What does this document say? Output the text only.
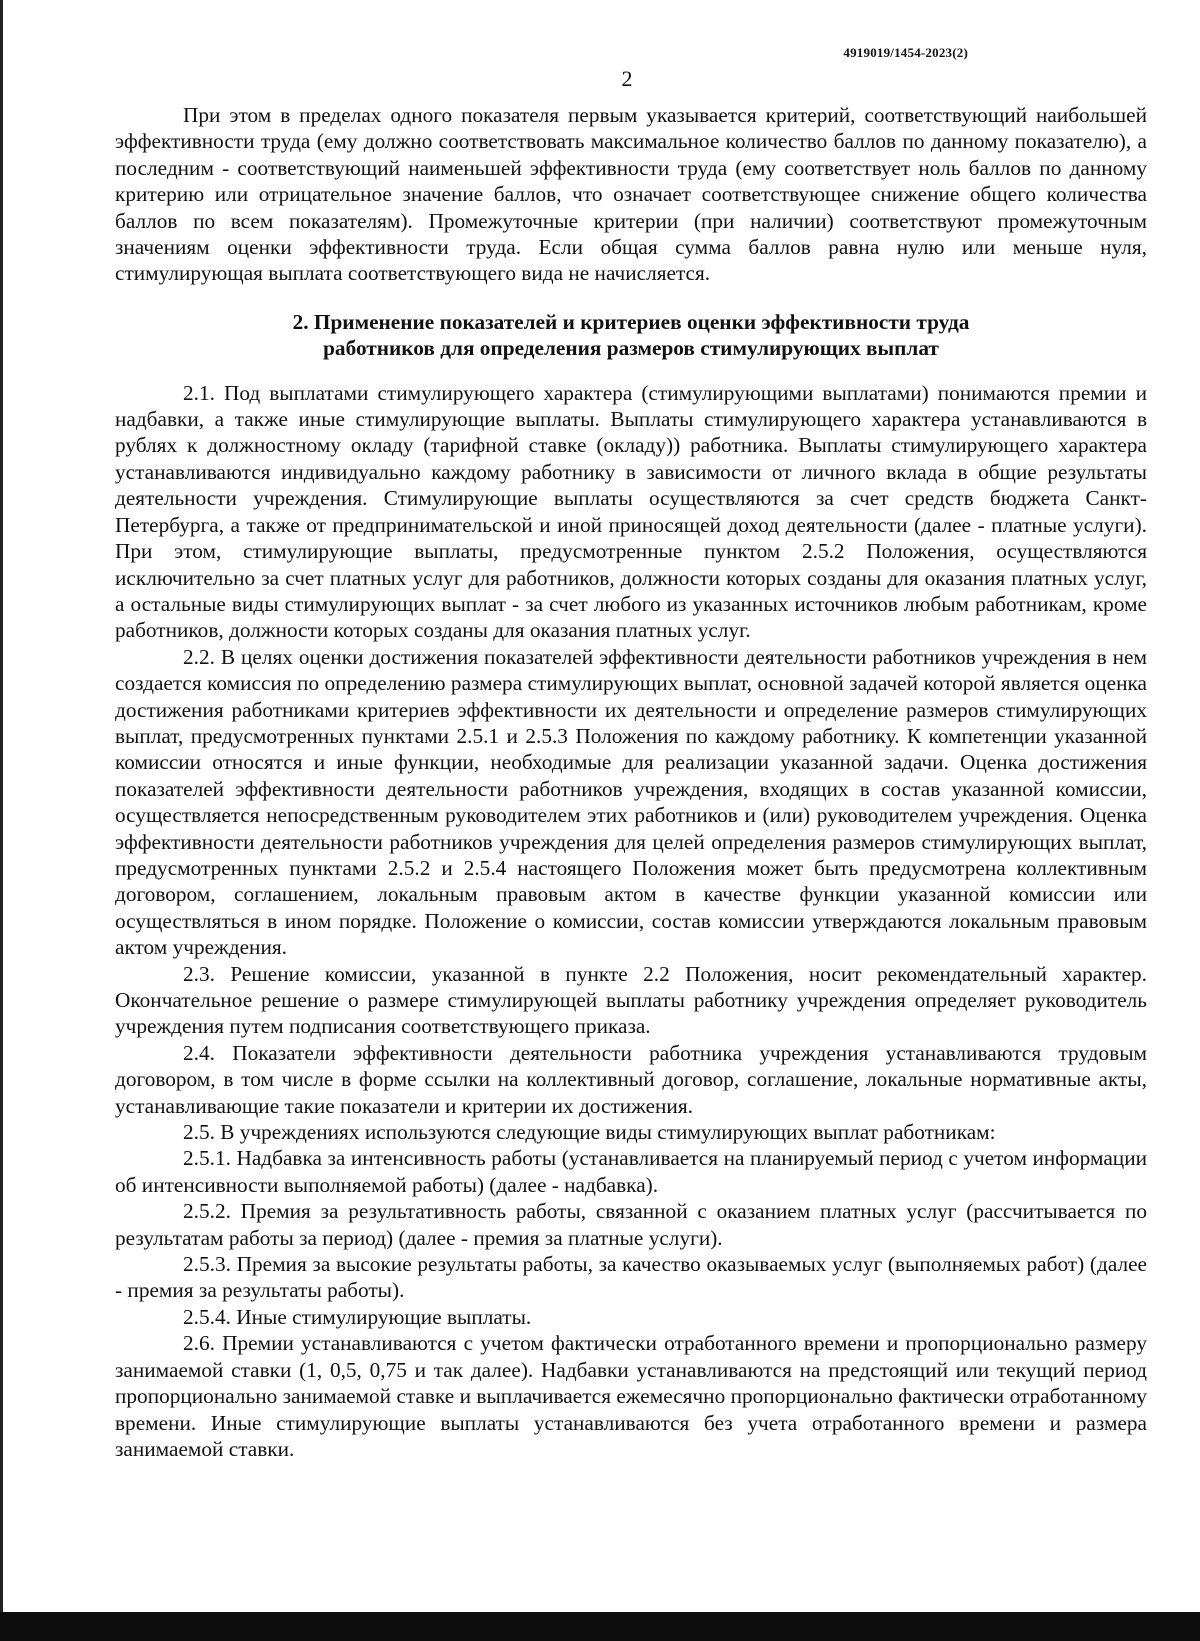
4919019/1454-2023(2)
2

При этом в пределах одного показателя первым указывается критерий, соответствующий наибольшей эффективности труда (ему должно соответствовать максимальное количество баллов по данному показателю), а последним - соответствующий наименьшей эффективности труда (ему соответствует ноль баллов по данному критерию или отрицательное значение баллов, что означает соответствующее снижение общего количества баллов по всем показателям). Промежуточные критерии (при наличии) соответствуют промежуточным значениям оценки эффективности труда. Если общая сумма баллов равна нулю или меньше нуля, стимулирующая выплата соответствующего вида не начисляется.

2. Применение показателей и критериев оценки эффективности труда
работников для определения размеров стимулирующих выплат

2.1. Под выплатами стимулирующего характера (стимулирующими выплатами) понимаются премии и надбавки, а также иные стимулирующие выплаты. Выплаты стимулирующего характера устанавливаются в рублях к должностному окладу (тарифной ставке (окладу)) работника. Выплаты стимулирующего характера устанавливаются индивидуально каждому работнику в зависимости от личного вклада в общие результаты деятельности учреждения. Стимулирующие выплаты осуществляются за счет средств бюджета Санкт-Петербурга, а также от предпринимательской и иной приносящей доход деятельности (далее - платные услуги). При этом, стимулирующие выплаты, предусмотренные пунктом 2.5.2 Положения, осуществляются исключительно за счет платных услуг для работников, должности которых созданы для оказания платных услуг, а остальные виды стимулирующих выплат - за счет любого из указанных источников любым работникам, кроме работников, должности которых созданы для оказания платных услуг.

2.2. В целях оценки достижения показателей эффективности деятельности работников учреждения в нем создается комиссия по определению размера стимулирующих выплат, основной задачей которой является оценка достижения работниками критериев эффективности их деятельности и определение размеров стимулирующих выплат, предусмотренных пунктами 2.5.1 и 2.5.3 Положения по каждому работнику. К компетенции указанной комиссии относятся и иные функции, необходимые для реализации указанной задачи. Оценка достижения показателей эффективности деятельности работников учреждения, входящих в состав указанной комиссии, осуществляется непосредственным руководителем этих работников и (или) руководителем учреждения. Оценка эффективности деятельности работников учреждения для целей определения размеров стимулирующих выплат, предусмотренных пунктами 2.5.2 и 2.5.4 настоящего Положения может быть предусмотрена коллективным договором, соглашением, локальным правовым актом в качестве функции указанной комиссии или осуществляться в ином порядке. Положение о комиссии, состав комиссии утверждаются локальным правовым актом учреждения.

2.3. Решение комиссии, указанной в пункте 2.2 Положения, носит рекомендательный характер. Окончательное решение о размере стимулирующей выплаты работнику учреждения определяет руководитель учреждения путем подписания соответствующего приказа.

2.4. Показатели эффективности деятельности работника учреждения устанавливаются трудовым договором, в том числе в форме ссылки на коллективный договор, соглашение, локальные нормативные акты, устанавливающие такие показатели и критерии их достижения.

2.5. В учреждениях используются следующие виды стимулирующих выплат работникам:

2.5.1. Надбавка за интенсивность работы (устанавливается на планируемый период с учетом информации об интенсивности выполняемой работы) (далее - надбавка).

2.5.2. Премия за результативность работы, связанной с оказанием платных услуг (рассчитывается по результатам работы за период) (далее - премия за платные услуги).

2.5.3. Премия за высокие результаты работы, за качество оказываемых услуг (выполняемых работ) (далее - премия за результаты работы).

2.5.4. Иные стимулирующие выплаты.

2.6. Премии устанавливаются с учетом фактически отработанного времени и пропорционально размеру занимаемой ставки (1, 0,5, 0,75 и так далее). Надбавки устанавливаются на предстоящий или текущий период пропорционально занимаемой ставке и выплачивается ежемесячно пропорционально фактически отработанному времени. Иные стимулирующие выплаты устанавливаются без учета отработанного времени и размера занимаемой ставки.
